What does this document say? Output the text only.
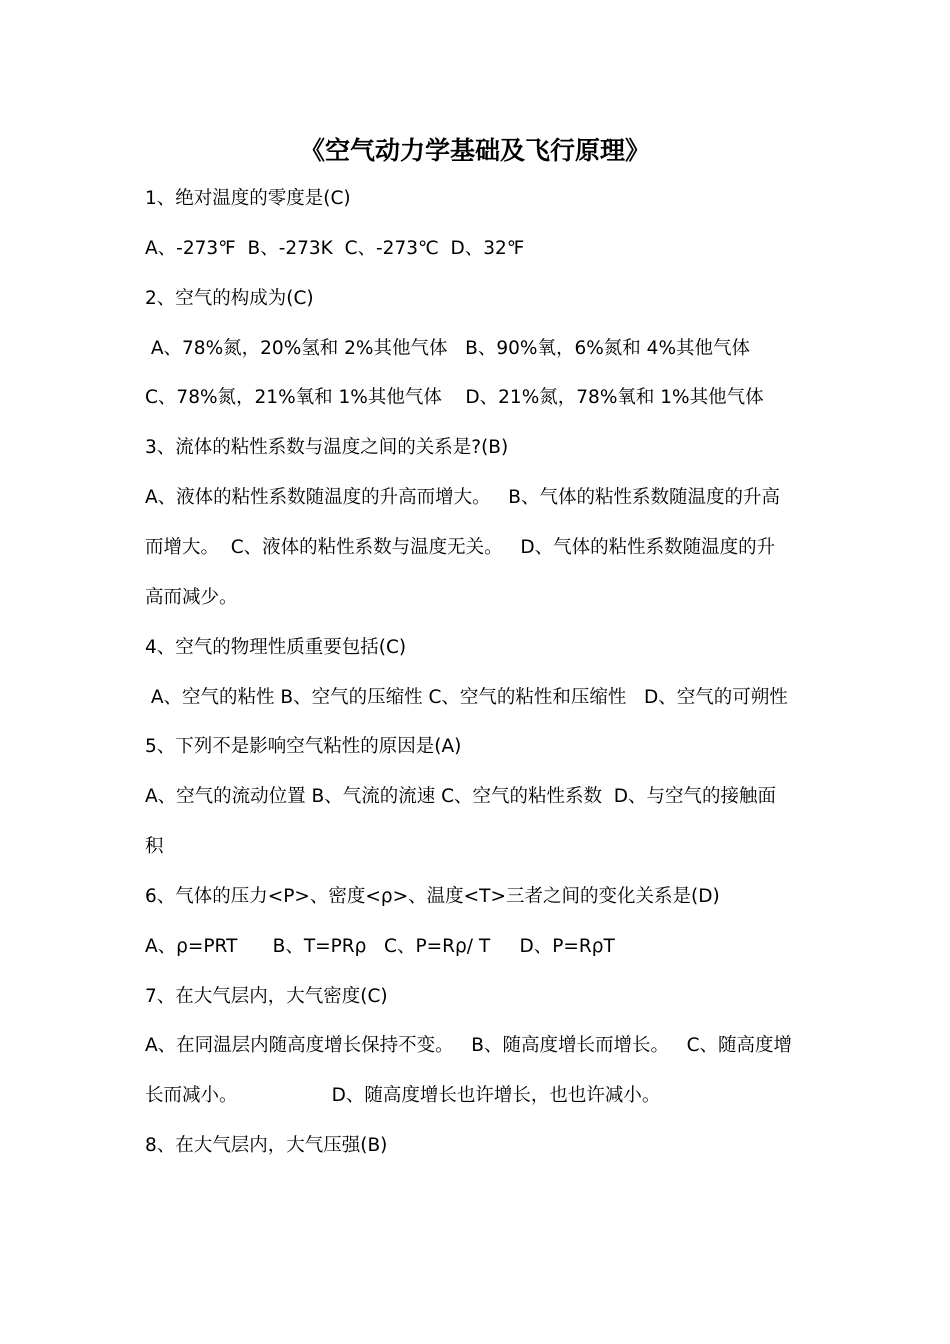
《空气动力学基础及飞行原理》
1、绝对温度的零度是(C)
A、-273℉  B、-273K  C、-273℃  D、32℉
2、空气的构成为(C)
A、78%氮，20%氢和 2%其他气体   B、90%氧，6%氮和 4%其他气体
C、78%氮，21%氧和 1%其他气体    D、21%氮，78%氧和 1%其他气体
3、流体的粘性系数与温度之间的关系是?(B)
A、液体的粘性系数随温度的升高而增大。   B、气体的粘性系数随温度的升高
而增大。  C、液体的粘性系数与温度无关。   D、气体的粘性系数随温度的升
高而减少。
4、空气的物理性质重要包括(C)
A、空气的粘性 B、空气的压缩性 C、空气的粘性和压缩性   D、空气的可朔性
5、下列不是影响空气粘性的原因是(A)
A、空气的流动位置 B、气流的流速 C、空气的粘性系数  D、与空气的接触面
积
6、气体的压力<P>、密度<ρ>、温度<T>三者之间的变化关系是(D)
A、ρ=PRT      B、T=PRρ   C、P=Rρ/ T     D、P=RρT
7、在大气层内，大气密度(C)
A、在同温层内随高度增长保持不变。   B、随高度增长而增长。   C、随高度增
长而减小。                D、随高度增长也许增长，也也许减小。
8、在大气层内，大气压强(B)
